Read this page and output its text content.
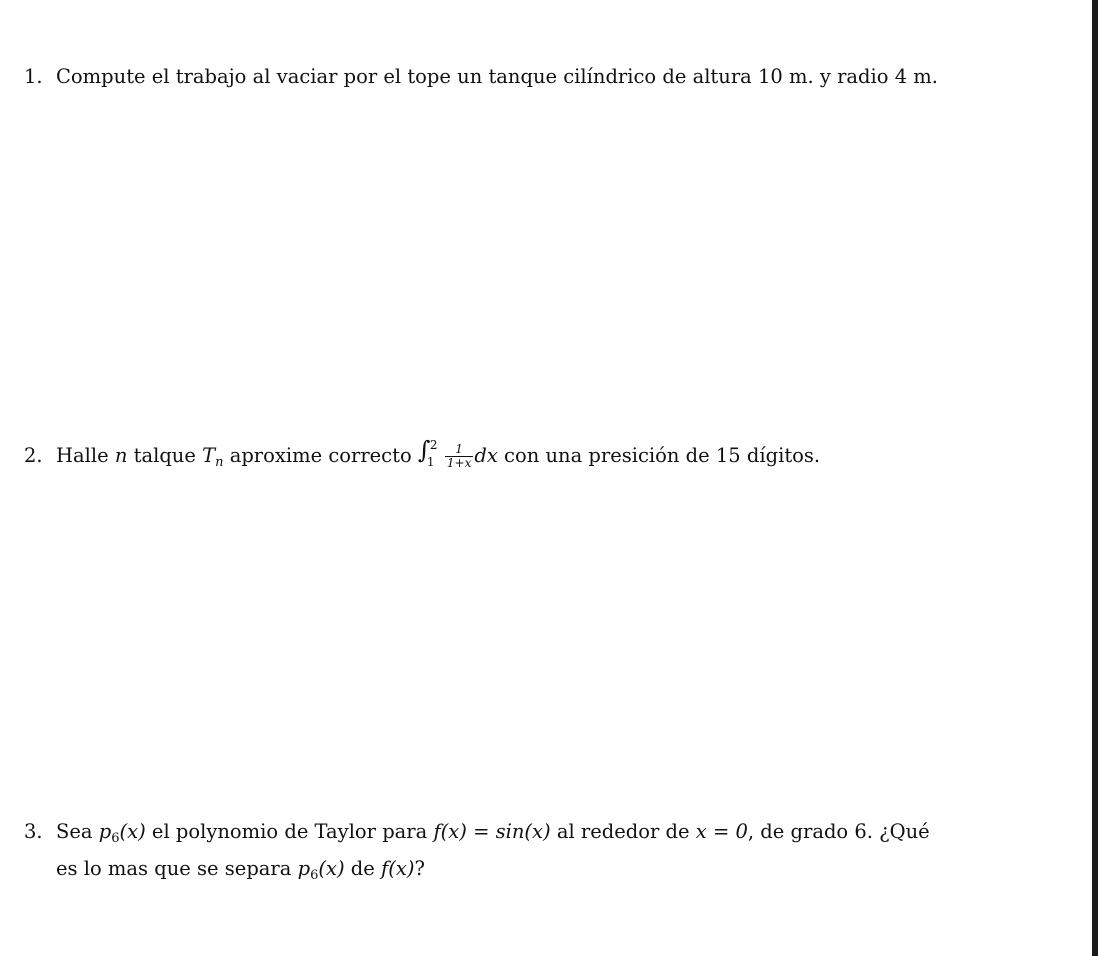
1. Compute el trabajo al vaciar por el tope un tanque cilíndrico de altura 10 m. y radio 4 m.
2. Halle n talque $T_n$ aproxime correcto ∫ 2
$1 \frac{1}{1+x}$ dx con una presición de 15 dígitos.
3. Sea $p_6(x)$ el polynomio de Taylor para f(x) = sin(x) al rededor de x = 0, de grado 6. ¿Qué
es lo mas que se separa $p_6(x)$ de f(x)?
